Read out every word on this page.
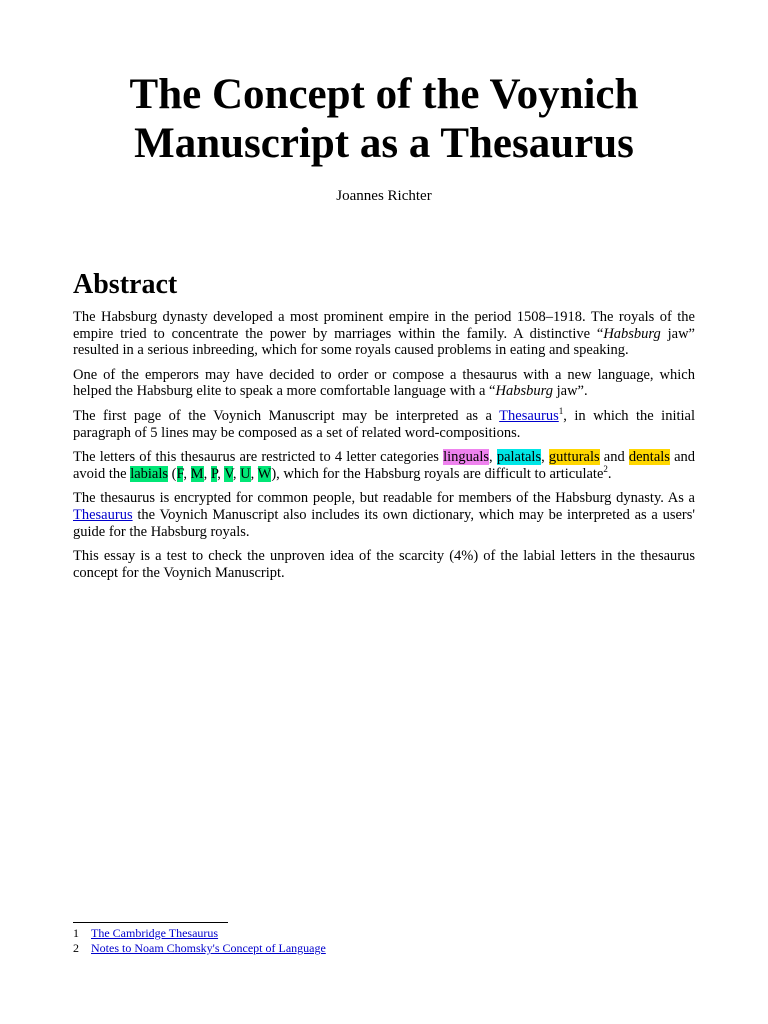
The Concept of the Voynich Manuscript as a Thesaurus
Joannes Richter
Abstract

The Habsburg dynasty developed a most prominent empire in the period 1508–1918. The royals of the empire tried to concentrate the power by marriages within the family. A distinctive “Habsburg jaw” resulted in a serious inbreeding, which for some royals caused problems in eating and speaking.

One of the emperors may have decided to order or compose a thesaurus with a new language, which helped the Habsburg elite to speak a more comfortable language with a “Habsburg jaw”.

The first page of the Voynich Manuscript may be interpreted as a Thesaurus$^1$, in which the initial paragraph of 5 lines may be composed as a set of related word-compositions.

The letters of this thesaurus are restricted to 4 letter categories linguals, palatals, gutturals and dentals and avoid the labials (F, M, P, V, U, W), which for the Habsburg royals are difficult to articulate$^2$.

The thesaurus is encrypted for common people, but readable for members of the Habsburg dynasty. As a Thesaurus the Voynich Manuscript also includes its own dictionary, which may be interpreted as a users' guide for the Habsburg royals.

This essay is a test to check the unproven idea of the scarcity (4%) of the labial letters in the thesaurus concept for the Voynich Manuscript.

1	The Cambridge Thesaurus
2	Notes to Noam Chomsky's Concept of Language
